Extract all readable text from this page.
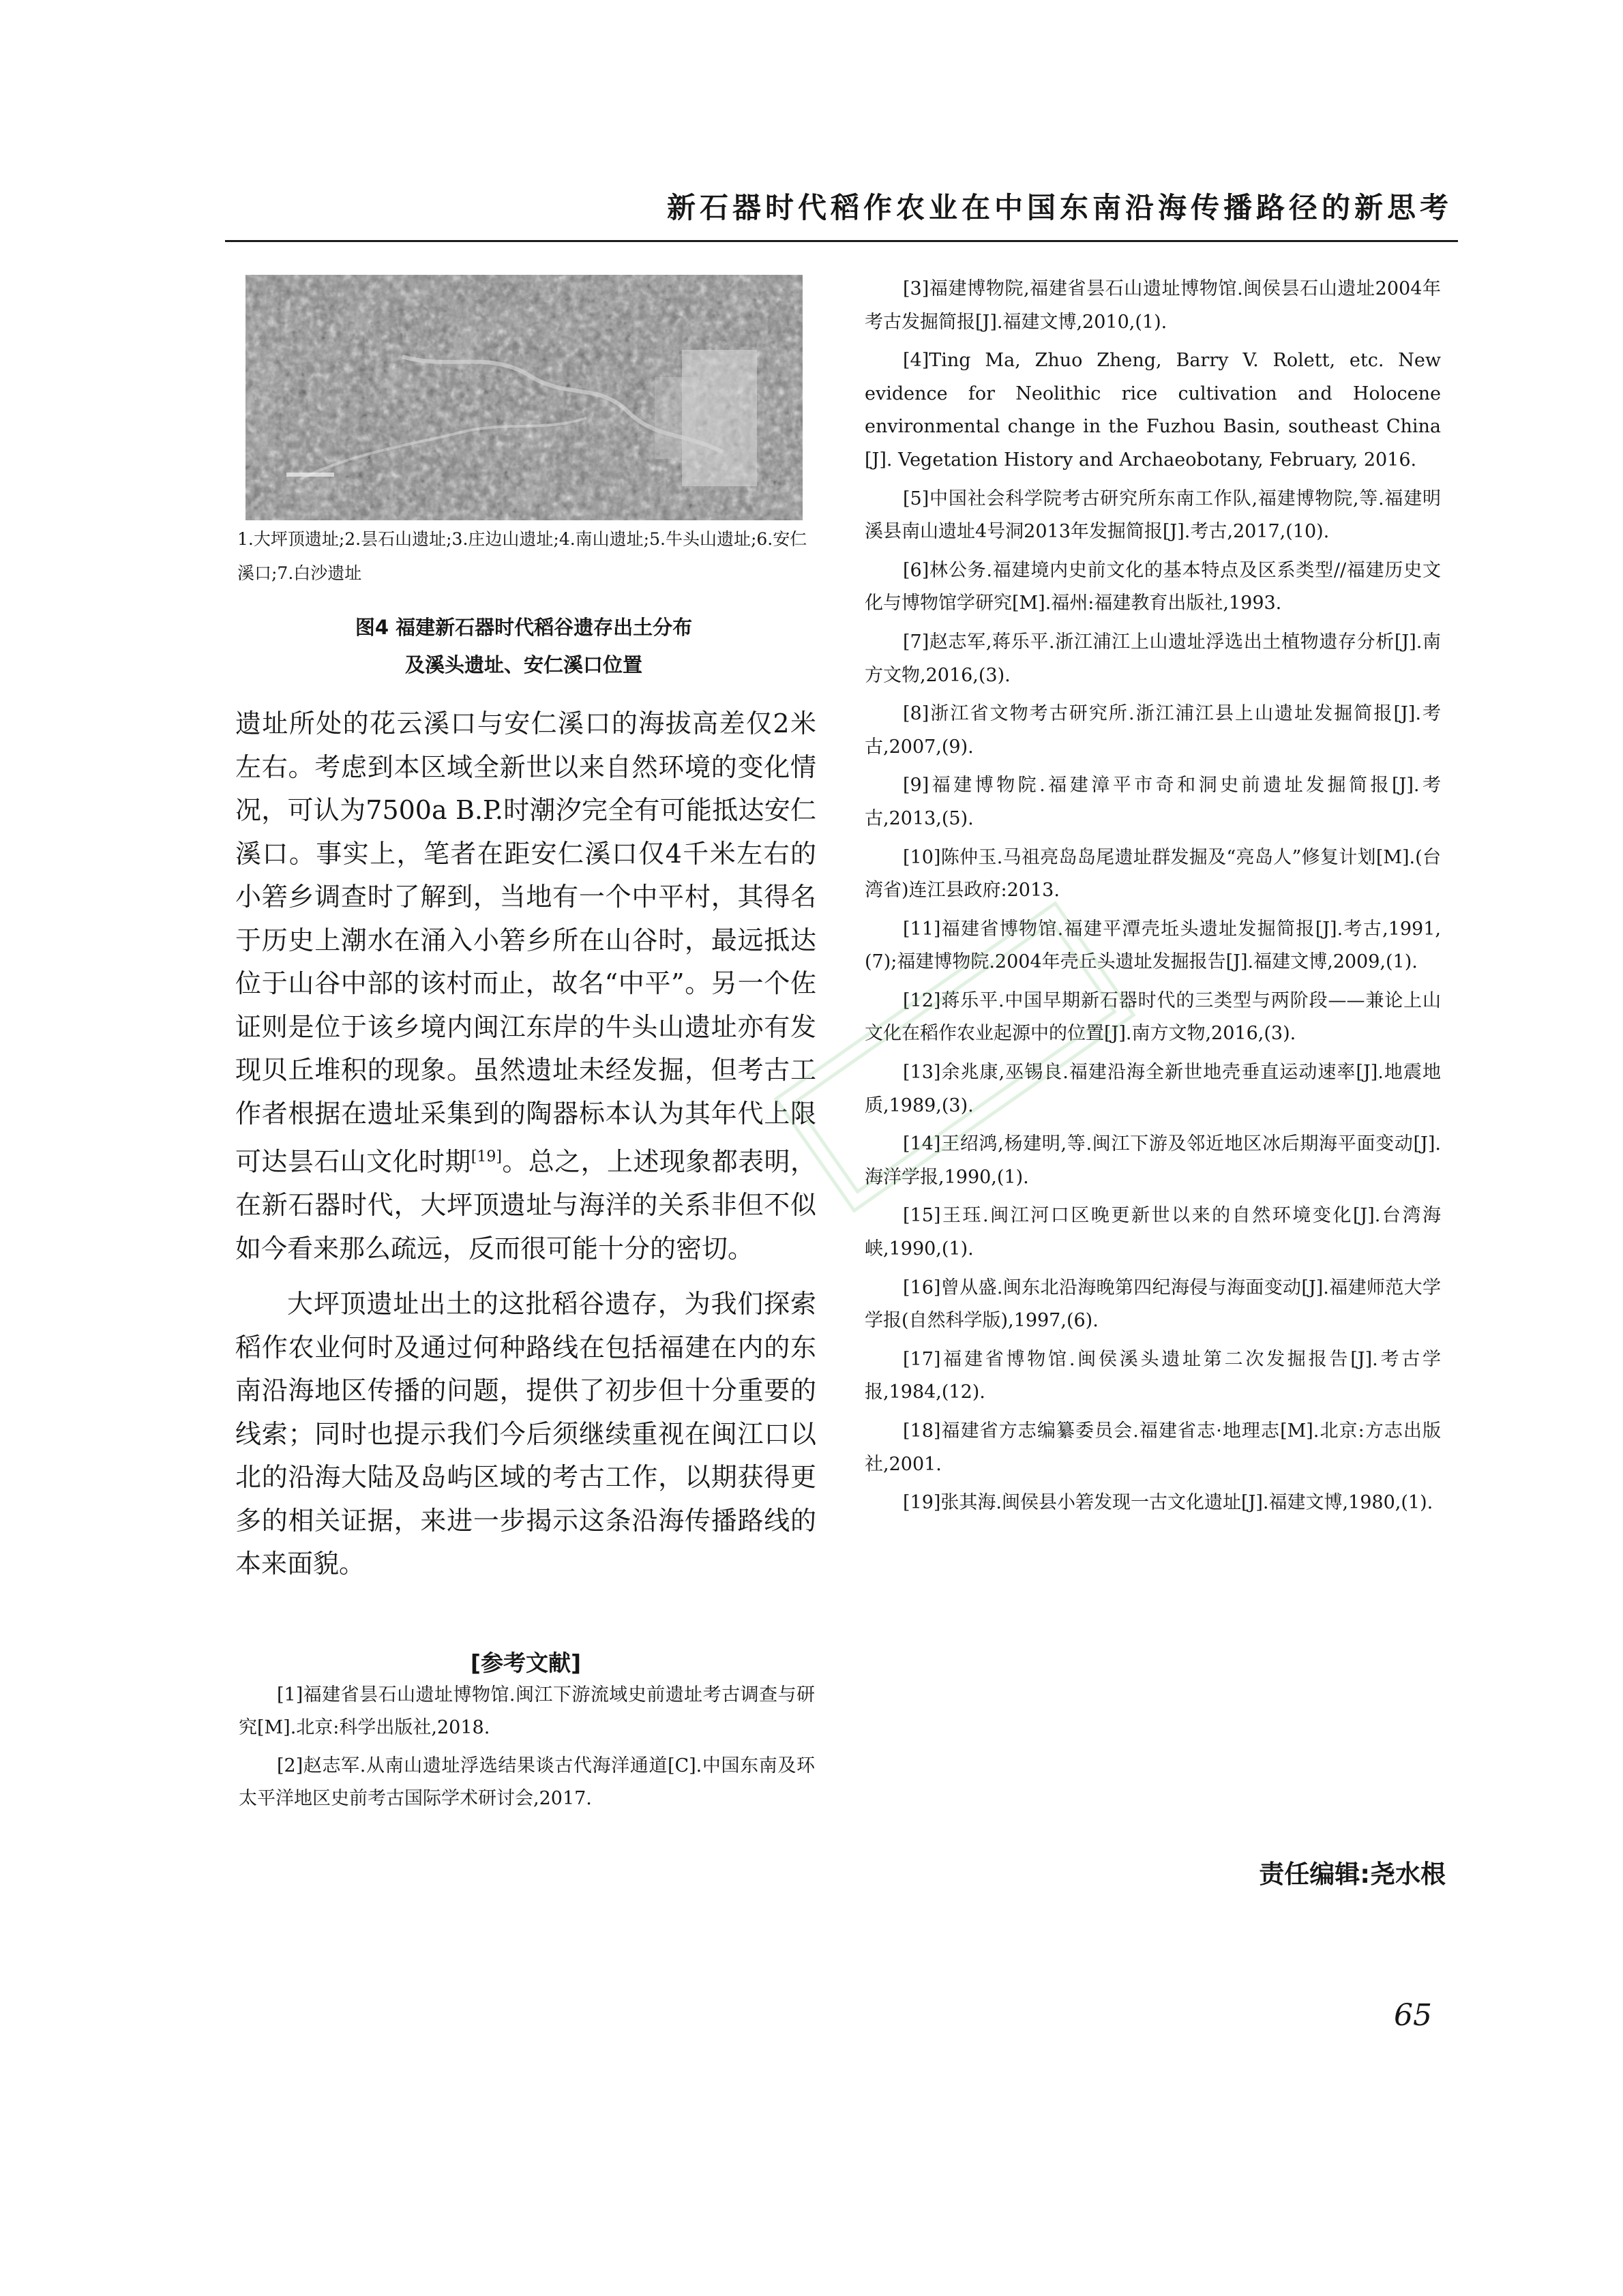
新石器时代稻作农业在中国东南沿海传播路径的新思考
1.大坪顶遗址;2.昙石山遗址;3.庄边山遗址;4.南山遗址;5.牛头山遗址;6.安仁溪口;7.白沙遗址
图4 福建新石器时代稻谷遗存出土分布
及溪头遗址、安仁溪口位置

遗址所处的花云溪口与安仁溪口的海拔高差仅2米左右。考虑到本区域全新世以来自然环境的变化情况，可认为7500a B.P.时潮汐完全有可能抵达安仁溪口。事实上，笔者在距安仁溪口仅4千米左右的小箬乡调查时了解到，当地有一个中平村，其得名于历史上潮水在涌入小箬乡所在山谷时，最远抵达位于山谷中部的该村而止，故名“中平”。另一个佐证则是位于该乡境内闽江东岸的牛头山遗址亦有发现贝丘堆积的现象。虽然遗址未经发掘，但考古工作者根据在遗址采集到的陶器标本认为其年代上限可达昙石山文化时期[19]。总之，上述现象都表明，在新石器时代，大坪顶遗址与海洋的关系非但不似如今看来那么疏远，反而很可能十分的密切。

大坪顶遗址出土的这批稻谷遗存，为我们探索稻作农业何时及通过何种路线在包括福建在内的东南沿海地区传播的问题，提供了初步但十分重要的线索；同时也提示我们今后须继续重视在闽江口以北的沿海大陆及岛屿区域的考古工作，以期获得更多的相关证据，来进一步揭示这条沿海传播路线的本来面貌。

[参考文献]

[1]福建省昙石山遗址博物馆.闽江下游流域史前遗址考古调查与研究[M].北京:科学出版社,2018.

[2]赵志军.从南山遗址浮选结果谈古代海洋通道[C].中国东南及环太平洋地区史前考古国际学术研讨会,2017.

[3]福建博物院,福建省昙石山遗址博物馆.闽侯昙石山遗址2004年考古发掘简报[J].福建文博,2010,(1).

[4]Ting Ma, Zhuo Zheng, Barry V. Rolett, etc. New evidence for Neolithic rice cultivation and Holocene environmental change in the Fuzhou Basin, southeast China [J]. Vegetation History and Archaeobotany, February, 2016.

[5]中国社会科学院考古研究所东南工作队,福建博物院,等.福建明溪县南山遗址4号洞2013年发掘简报[J].考古,2017,(10).

[6]林公务.福建境内史前文化的基本特点及区系类型//福建历史文化与博物馆学研究[M].福州:福建教育出版社,1993.

[7]赵志军,蒋乐平.浙江浦江上山遗址浮选出土植物遗存分析[J].南方文物,2016,(3).

[8]浙江省文物考古研究所.浙江浦江县上山遗址发掘简报[J].考古,2007,(9).

[9]福建博物院.福建漳平市奇和洞史前遗址发掘简报[J].考古,2013,(5).

[10]陈仲玉.马祖亮岛岛尾遗址群发掘及“亮岛人”修复计划[M].(台湾省)连江县政府:2013.

[11]福建省博物馆.福建平潭壳坵头遗址发掘简报[J].考古,1991,(7);福建博物院.2004年壳丘头遗址发掘报告[J].福建文博,2009,(1).

[12]蒋乐平.中国早期新石器时代的三类型与两阶段——兼论上山文化在稻作农业起源中的位置[J].南方文物,2016,(3).

[13]余兆康,巫锡良.福建沿海全新世地壳垂直运动速率[J].地震地质,1989,(3).

[14]王绍鸿,杨建明,等.闽江下游及邻近地区冰后期海平面变动[J].海洋学报,1990,(1).

[15]王珏.闽江河口区晚更新世以来的自然环境变化[J].台湾海峡,1990,(1).

[16]曾从盛.闽东北沿海晚第四纪海侵与海面变动[J].福建师范大学学报(自然科学版),1997,(6).

[17]福建省博物馆.闽侯溪头遗址第二次发掘报告[J].考古学报,1984,(12).

[18]福建省方志编纂委员会.福建省志·地理志[M].北京:方志出版社,2001.

[19]张其海.闽侯县小箬发现一古文化遗址[J].福建文博,1980,(1).

责任编辑:尧水根
65
